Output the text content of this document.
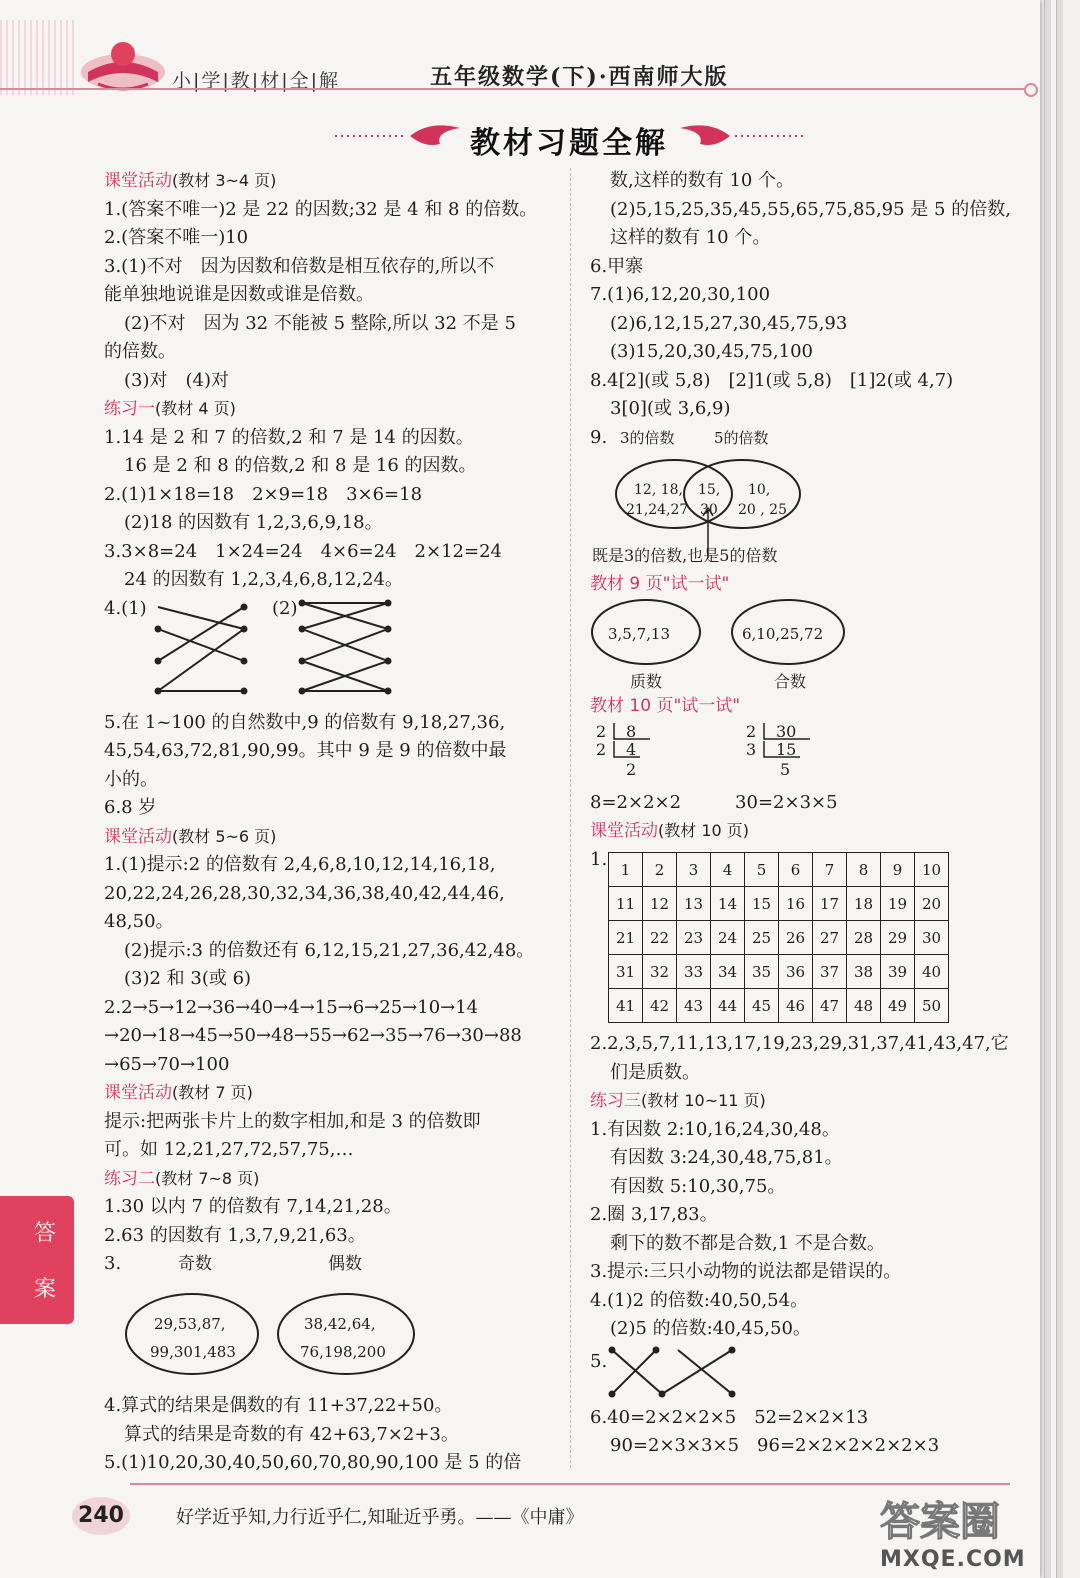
小|学|教|材|全|解	五年级数学(下)·西南师大版
教材习题全解
课堂活动(教材 3~4 页)
1.(答案不唯一)2 是 22 的因数;32 是 4 和 8 的倍数。
2.(答案不唯一)10
3.(1)不对　因为因数和倍数是相互依存的,所以不
能单独地说谁是因数或谁是倍数。
(2)不对　因为 32 不能被 5 整除,所以 32 不是 5
的倍数。
(3)对　(4)对
练习一(教材 4 页)
1.14 是 2 和 7 的倍数,2 和 7 是 14 的因数。
16 是 2 和 8 的倍数,2 和 8 是 16 的因数。
2.(1)1×18=18　2×9=18　3×6=18
(2)18 的因数有 1,2,3,6,9,18。
3.3×8=24　1×24=24　4×6=24　2×12=24
24 的因数有 1,2,3,4,6,8,12,24。
4.(1)	(2)
5.在 1~100 的自然数中,9 的倍数有 9,18,27,36,
45,54,63,72,81,90,99。其中 9 是 9 的倍数中最
小的。
6.8 岁
课堂活动(教材 5~6 页)
1.(1)提示:2 的倍数有 2,4,6,8,10,12,14,16,18,
20,22,24,26,28,30,32,34,36,38,40,42,44,46,
48,50。
(2)提示:3 的倍数还有 6,12,15,21,27,36,42,48。
(3)2 和 3(或 6)
2.2→5→12→36→40→4→15→6→25→10→14
→20→18→45→50→48→55→62→35→76→30→88
→65→70→100
课堂活动(教材 7 页)
提示:把两张卡片上的数字相加,和是 3 的倍数即
可。如 12,21,27,72,57,75,…
练习二(教材 7~8 页)
1.30 以内 7 的倍数有 7,14,21,28。
2.63 的因数有 1,3,7,9,21,63。
3.	奇数	偶数
29,53,87,
99,301,483
38,42,64,
76,198,200
4.算式的结果是偶数的有 11+37,22+50。
算式的结果是奇数的有 42+63,7×2+3。
5.(1)10,20,30,40,50,60,70,80,90,100 是 5 的倍
数,这样的数有 10 个。
(2)5,15,25,35,45,55,65,75,85,95 是 5 的倍数,
这样的数有 10 个。
6.甲寨
7.(1)6,12,20,30,100
(2)6,12,15,27,30,45,75,93
(3)15,20,30,45,75,100
8.4[2](或 5,8)　[2]1(或 5,8)　[1]2(或 4,7)
3[0](或 3,6,9)
9. 3的倍数	5的倍数
12, 18,
21,24,27
15,
30
10,
20 , 25
既是3的倍数,也是5的倍数
教材 9 页"试一试"
3,5,7,13	6,10,25,72
质数	合数
教材 10 页"试一试"
2 8
2 4
2
2 30
3 15
5
8=2×2×2　　　30=2×3×5
课堂活动(教材 10 页)
1. 1	2	3	4	5	6	7	8	9	10
11	12	13	14	15	16	17	18	19	20
21	22	23	24	25	26	27	28	29	30
31	32	33	34	35	36	37	38	39	40
41	42	43	44	45	46	47	48	49	50
2.2,3,5,7,11,13,17,19,23,29,31,37,41,43,47,它
们是质数。
练习三(教材 10~11 页)
1.有因数 2:10,16,24,30,48。
有因数 3:24,30,48,75,81。
有因数 5:10,30,75。
2.圈 3,17,83。
剩下的数不都是合数,1 不是合数。
3.提示:三只小动物的说法都是错误的。
4.(1)2 的倍数:40,50,54。
(2)5 的倍数:40,45,50。
5.
6.40=2×2×2×5　52=2×2×13
90=2×3×3×5　96=2×2×2×2×2×3
答
案
240	好学近乎知,力行近乎仁,知耻近乎勇。——《中庸》	答案圈
MXQE.COM
